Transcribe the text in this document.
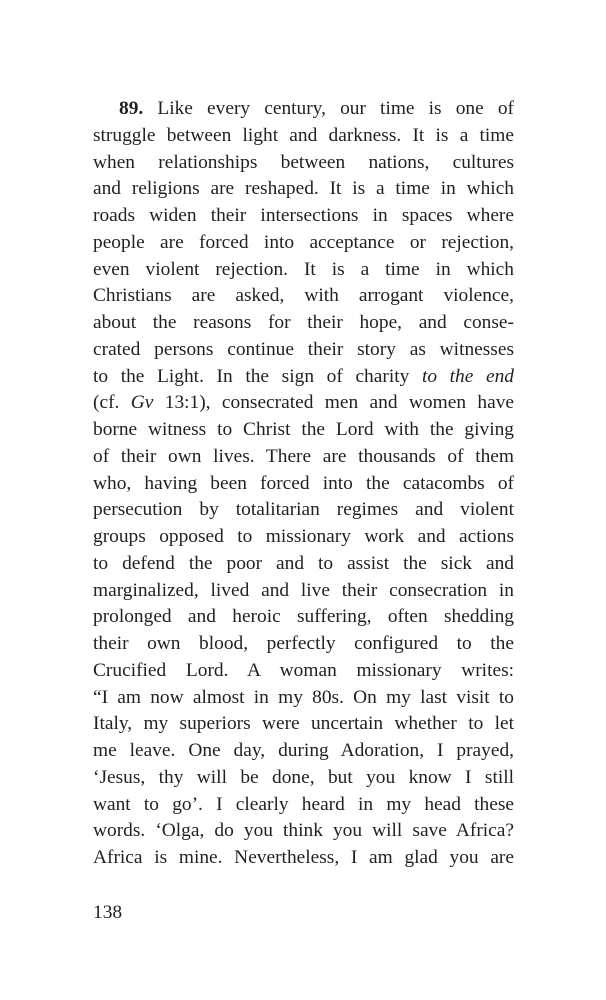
89. Like every century, our time is one of
struggle between light and darkness. It is a time
when relationships between nations, cultures
and religions are reshaped. It is a time in which
roads widen their intersections in spaces where
people are forced into acceptance or rejection,
even violent rejection. It is a time in which
Christians are asked, with arrogant violence,
about the reasons for their hope, and conse-
crated persons continue their story as witnesses
to the Light. In the sign of charity to the end
(cf. Gv 13:1), consecrated men and women have
borne witness to Christ the Lord with the giving
of their own lives. There are thousands of them
who, having been forced into the catacombs of
persecution by totalitarian regimes and violent
groups opposed to missionary work and actions
to defend the poor and to assist the sick and
marginalized, lived and live their consecration in
prolonged and heroic suffering, often shedding
their own blood, perfectly configured to the
Crucified Lord. A woman missionary writes:
“I am now almost in my 80s. On my last visit to
Italy, my superiors were uncertain whether to let
me leave. One day, during Adoration, I prayed,
‘Jesus, thy will be done, but you know I still
want to go’. I clearly heard in my head these
words. ‘Olga, do you think you will save Africa?
Africa is mine. Nevertheless, I am glad you are
138
